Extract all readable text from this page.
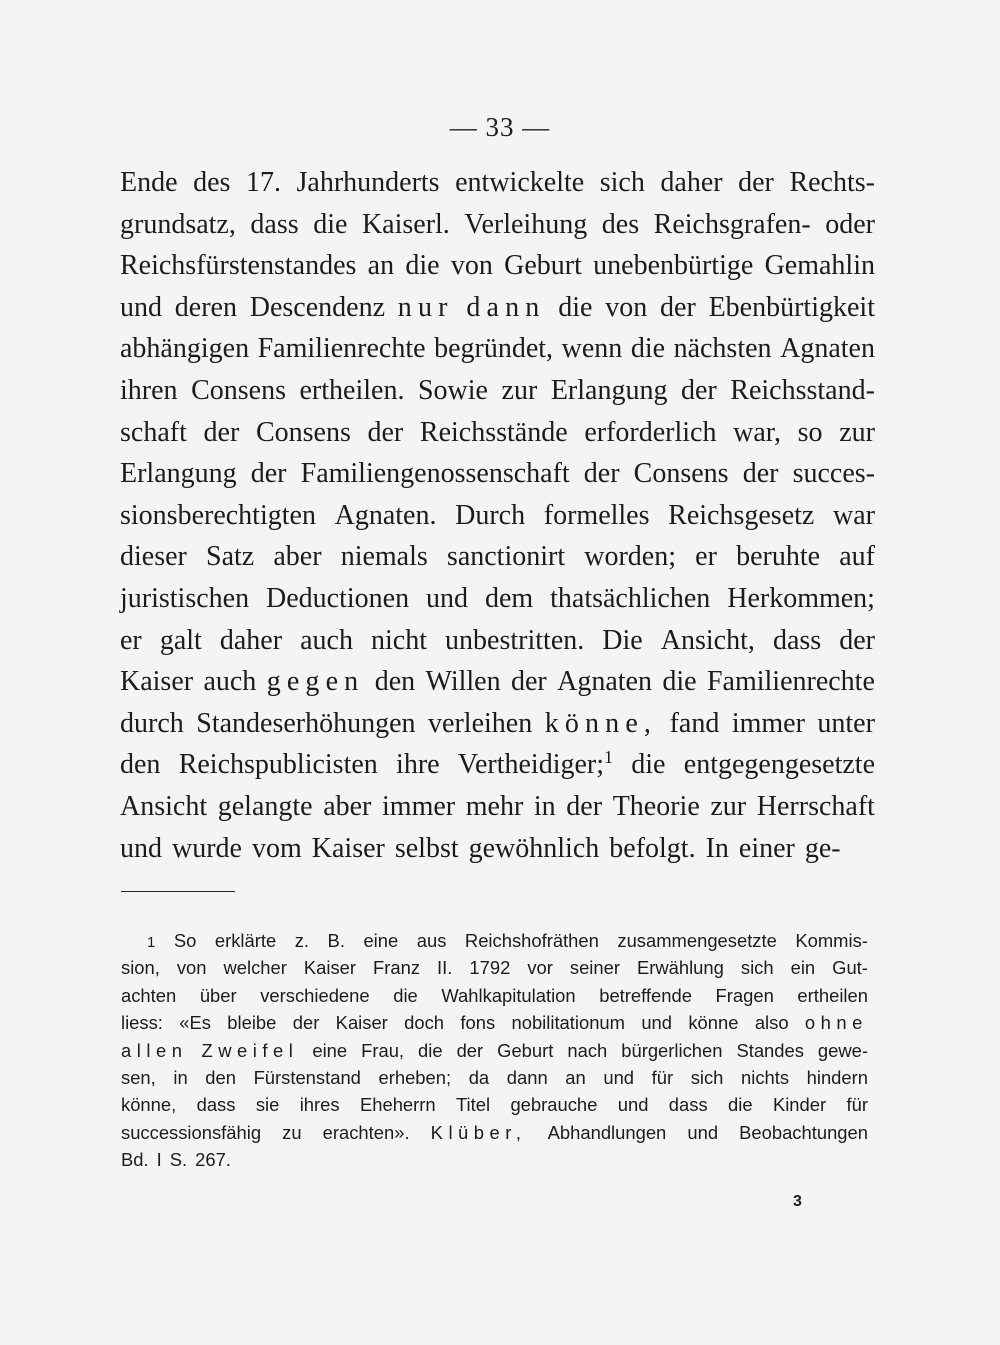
— 33 —
Ende des 17. Jahrhunderts entwickelte sich daher der Rechts-
grundsatz, dass die Kaiserl. Verleihung des Reichsgrafen- oder
Reichsfürstenstandes an die von Geburt unebenbürtige Gemahlin
und deren Descendenz nur dann die von der Ebenbürtigkeit
abhängigen Familienrechte begründet, wenn die nächsten Agnaten
ihren Consens ertheilen. Sowie zur Erlangung der Reichsstand-
schaft der Consens der Reichsstände erforderlich war, so zur
Erlangung der Familiengenossenschaft der Consens der succes-
sionsberechtigten Agnaten. Durch formelles Reichsgesetz war
dieser Satz aber niemals sanctionirt worden; er beruhte auf
juristischen Deductionen und dem thatsächlichen Herkommen;
er galt daher auch nicht unbestritten. Die Ansicht, dass der
Kaiser auch gegen den Willen der Agnaten die Familienrechte
durch Standeserhöhungen verleihen könne, fand immer unter
den Reichspublicisten ihre Vertheidiger;$^1$ die entgegengesetzte
Ansicht gelangte aber immer mehr in der Theorie zur Herrschaft
und wurde vom Kaiser selbst gewöhnlich befolgt. In einer ge-
1 So erklärte z. B. eine aus Reichshofräthen zusammengesetzte Kommis-
sion, von welcher Kaiser Franz II. 1792 vor seiner Erwählung sich ein Gut-
achten über verschiedene die Wahlkapitulation betreffende Fragen ertheilen
liess: «Es bleibe der Kaiser doch fons nobilitationum und könne also ohne
allen Zweifel eine Frau, die der Geburt nach bürgerlichen Standes gewe-
sen, in den Fürstenstand erheben; da dann an und für sich nichts hindern
könne, dass sie ihres Eheherrn Titel gebrauche und dass die Kinder für
successionsfähig zu erachten». Klüber, Abhandlungen und Beobachtungen
Bd. I S. 267.
3
